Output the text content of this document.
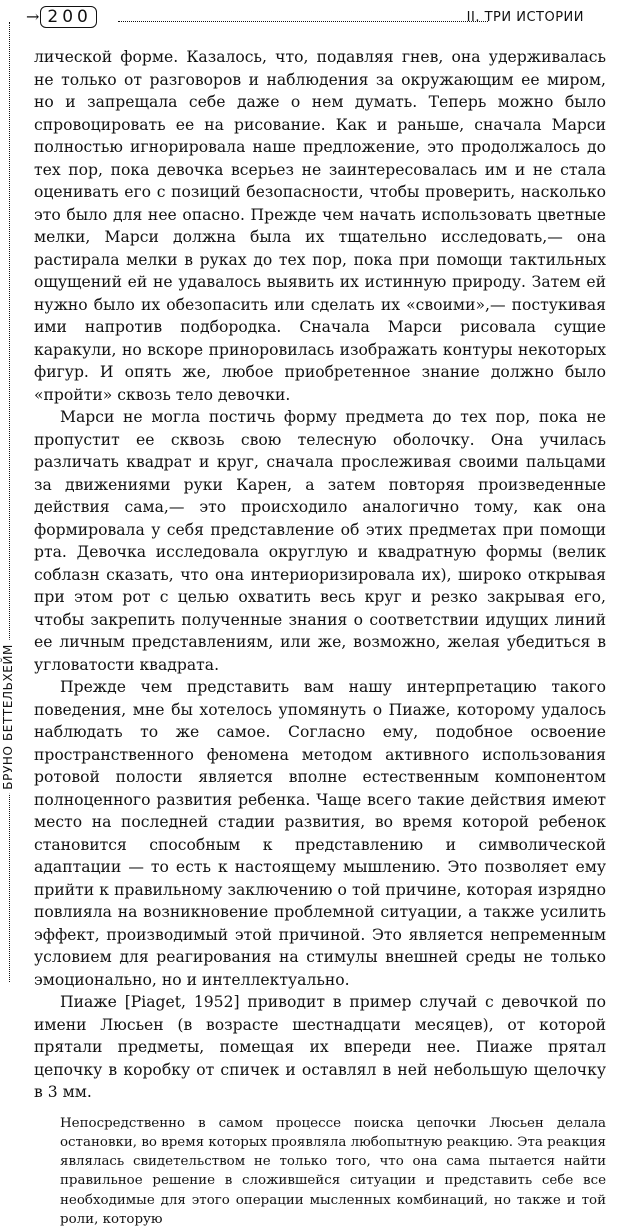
→ 200	II. ТРИ ИСТОРИИ
БРУНО БЕТТЕЛЬХЕЙМ

лической форме. Казалось, что, подавляя гнев, она удерживалась не только от разговоров и наблюдения за окружающим ее миром, но и запрещала себе даже о нем думать. Теперь можно было спровоцировать ее на рисование. Как и раньше, сначала Марси полностью игнорировала наше предложение, это продолжалось до тех пор, пока девочка всерьез не заинтересовалась им и не стала оценивать его с позиций безопасности, чтобы проверить, насколько это было для нее опасно. Прежде чем начать использовать цветные мелки, Марси должна была их тщательно исследовать,— она растирала мелки в руках до тех пор, пока при помощи тактильных ощущений ей не удавалось выявить их истинную природу. Затем ей нужно было их обезопасить или сделать их «своими»,— постукивая ими напротив подбородка. Сначала Марси рисовала сущие каракули, но вскоре приноровилась изображать контуры некоторых фигур. И опять же, любое приобретенное знание должно было «пройти» сквозь тело девочки.

Марси не могла постичь форму предмета до тех пор, пока не пропустит ее сквозь свою телесную оболочку. Она училась различать квадрат и круг, сначала прослеживая своими пальцами за движениями руки Карен, а затем повторяя произведенные действия сама,— это происходило аналогично тому, как она формировала у себя представление об этих предметах при помощи рта. Девочка исследовала округлую и квадратную формы (велик соблазн сказать, что она интериоризировала их), широко открывая при этом рот с целью охватить весь круг и резко закрывая его, чтобы закрепить полученные знания о соответствии идущих линий ее личным представлениям, или же, возможно, желая убедиться в угловатости квадрата.

Прежде чем представить вам нашу интерпретацию такого поведения, мне бы хотелось упомянуть о Пиаже, которому удалось наблюдать то же самое. Согласно ему, подобное освоение пространственного феномена методом активного использования ротовой полости является вполне естественным компонентом полноценного развития ребенка. Чаще всего такие действия имеют место на последней стадии развития, во время которой ребенок становится способным к представлению и символической адаптации — то есть к настоящему мышлению. Это позволяет ему прийти к правильному заключению о той причине, которая изрядно повлияла на возникновение проблемной ситуации, а также усилить эффект, производимый этой причиной. Это является непременным условием для реагирования на стимулы внешней среды не только эмоционально, но и интеллектуально.

Пиаже [Piaget, 1952] приводит в пример случай с девочкой по имени Люсьен (в возрасте шестнадцати месяцев), от которой прятали предметы, помещая их впереди нее. Пиаже прятал цепочку в коробку от спичек и оставлял в ней небольшую щелочку в 3 мм.

Непосредственно в самом процессе поиска цепочки Люсьен делала остановки, во время которых проявляла любопытную реакцию. Эта реакция являлась свидетельством не только того, что она сама пытается найти правильное решение в сложившейся ситуации и представить себе все необходимые для этого операции мысленных комбинаций, но также и той роли, которую
